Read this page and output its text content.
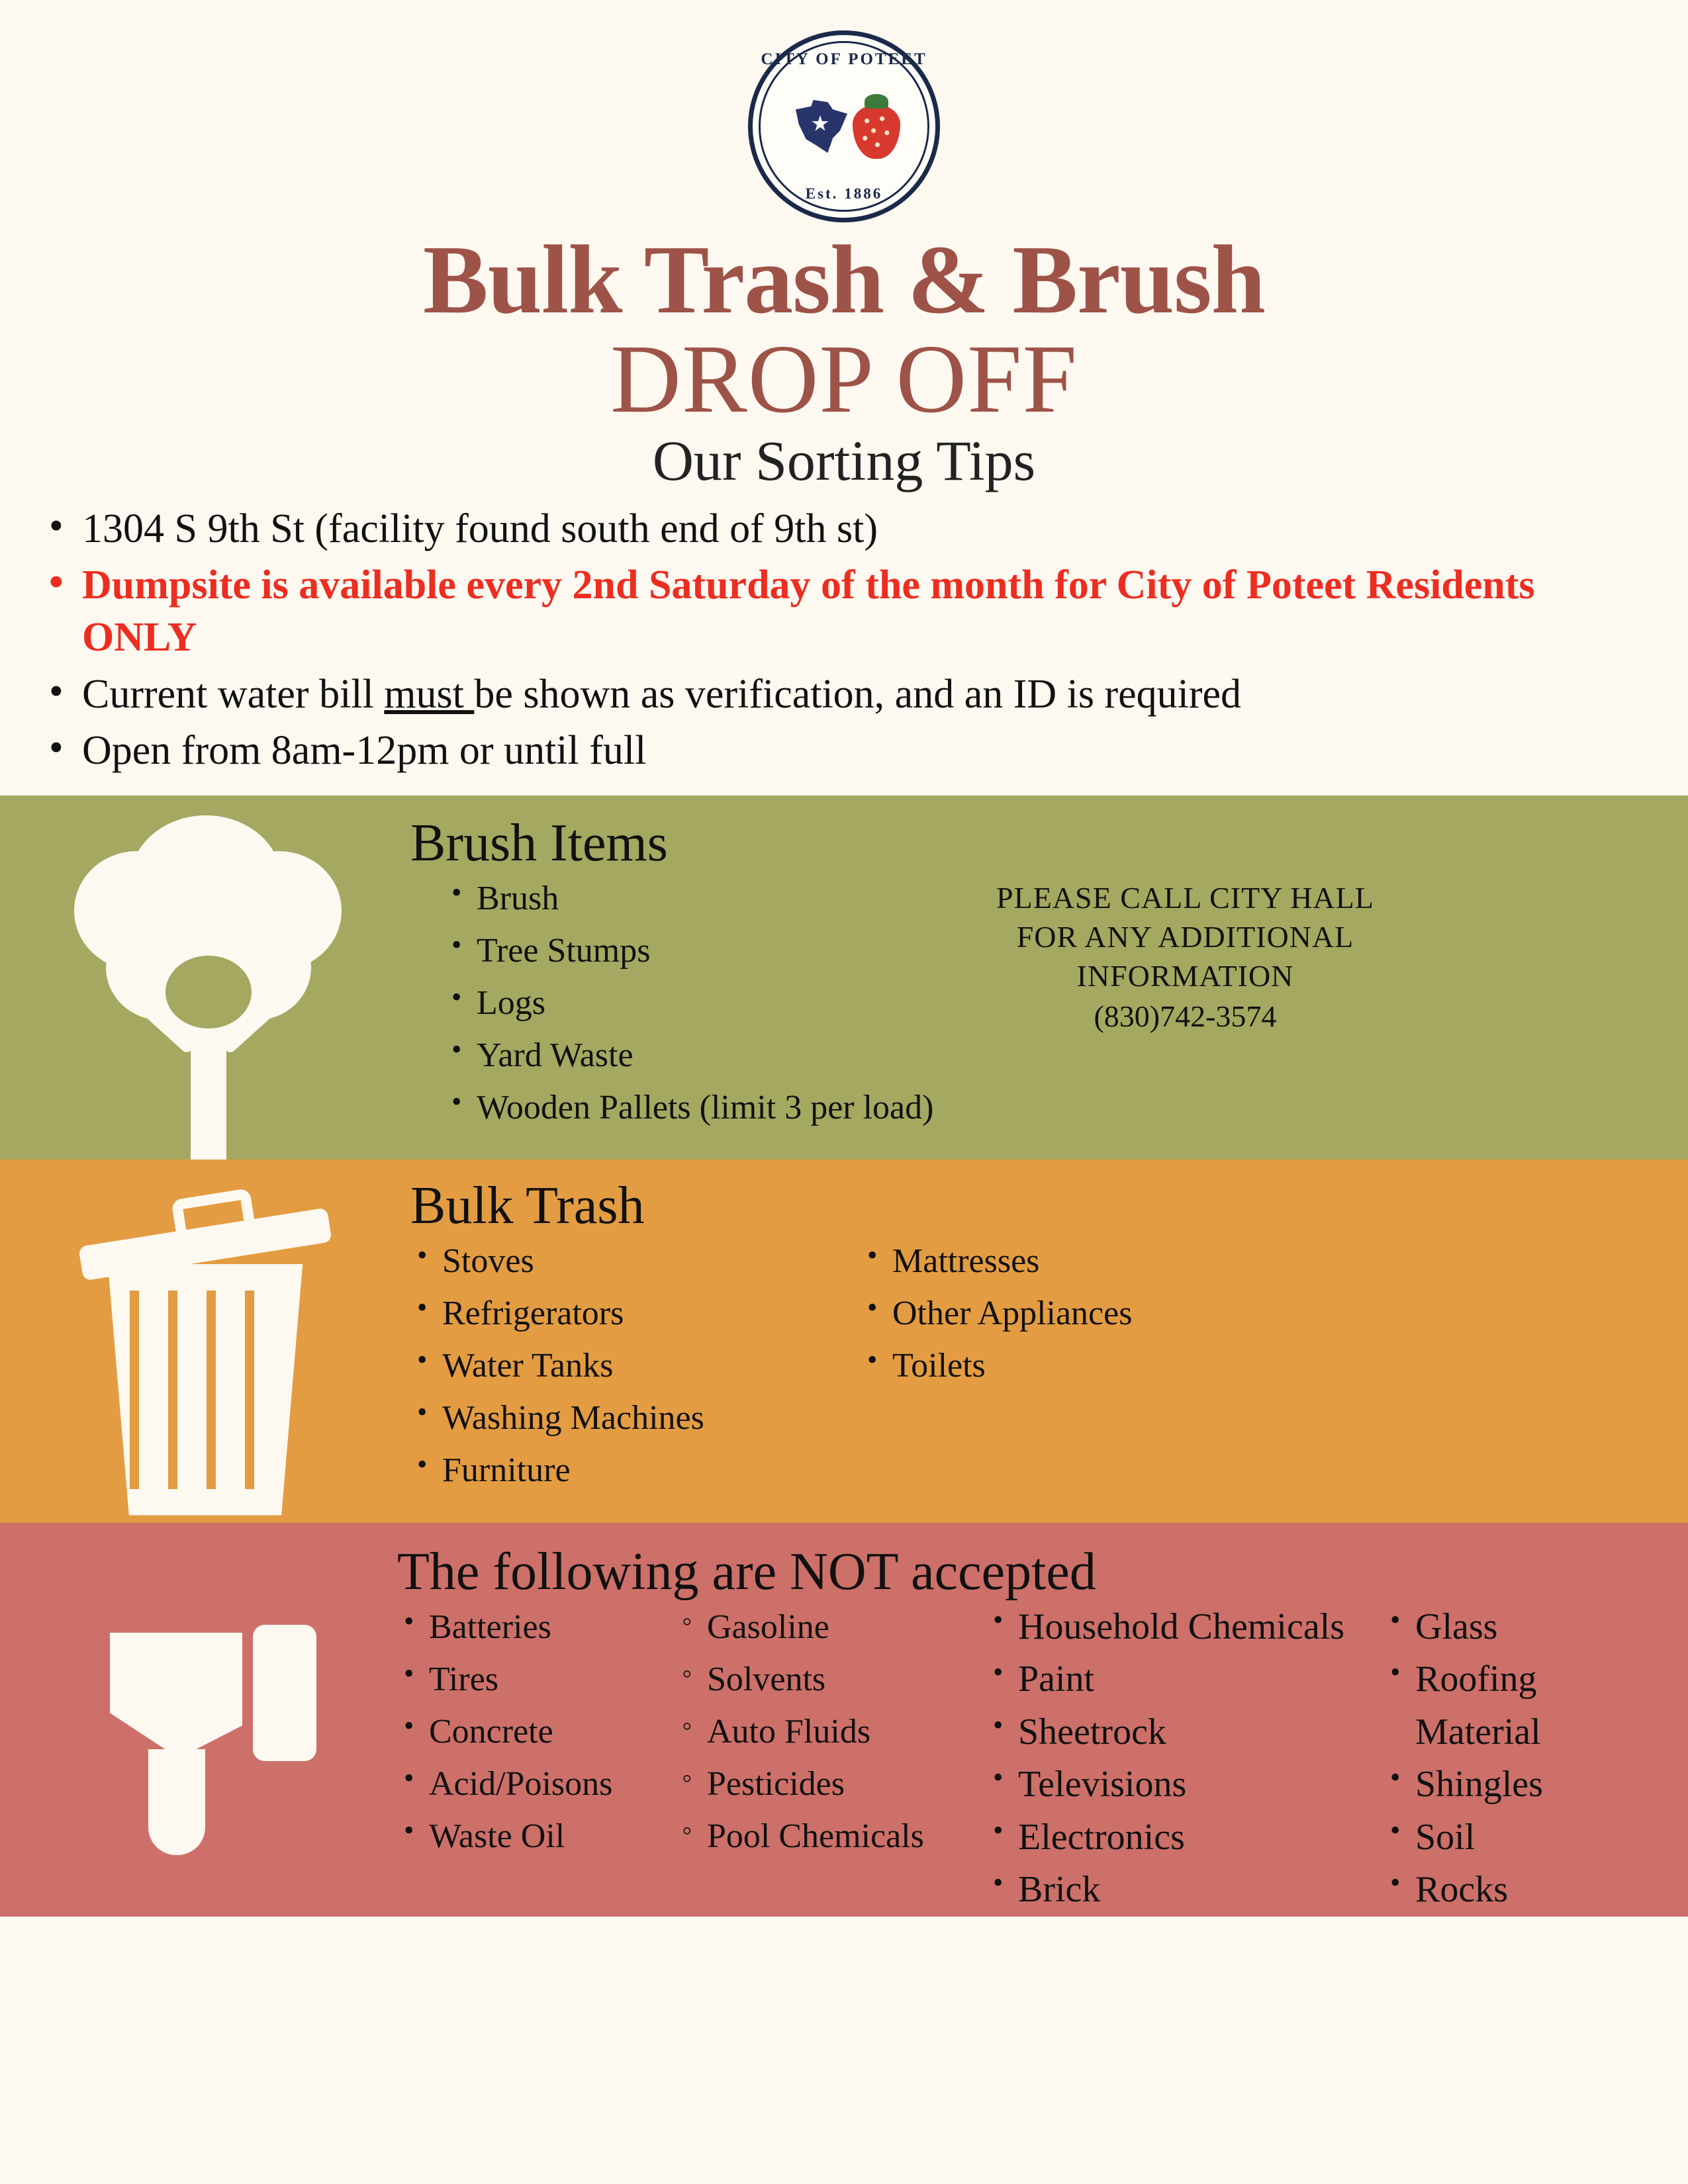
CITY OF POTEET
Est. 1886
Bulk Trash & Brush
DROP OFF
Our Sorting Tips
• 1304 S 9th St (facility found south end of 9th st)
• Dumpsite is available every 2nd Saturday of the month for City of Poteet Residents ONLY
• Current water bill must be shown as verification, and an ID is required
• Open from 8am-12pm or until full
Brush Items
• Brush
• Tree Stumps
• Logs
• Yard Waste
• Wooden Pallets (limit 3 per load)
PLEASE CALL CITY HALL
FOR ANY ADDITIONAL
INFORMATION
(830)742-3574
Bulk Trash
• Stoves
• Refrigerators
• Water Tanks
• Washing Machines
• Furniture
• Mattresses
• Other Appliances
• Toilets
The following are NOT accepted
• Batteries
• Tires
• Concrete
• Acid/Poisons
• Waste Oil
◦ Gasoline
◦ Solvents
◦ Auto Fluids
◦ Pesticides
◦ Pool Chemicals
• Household Chemicals
• Paint
• Sheetrock
• Televisions
• Electronics
• Brick
• Glass
• Roofing Material
• Shingles
• Soil
• Rocks
